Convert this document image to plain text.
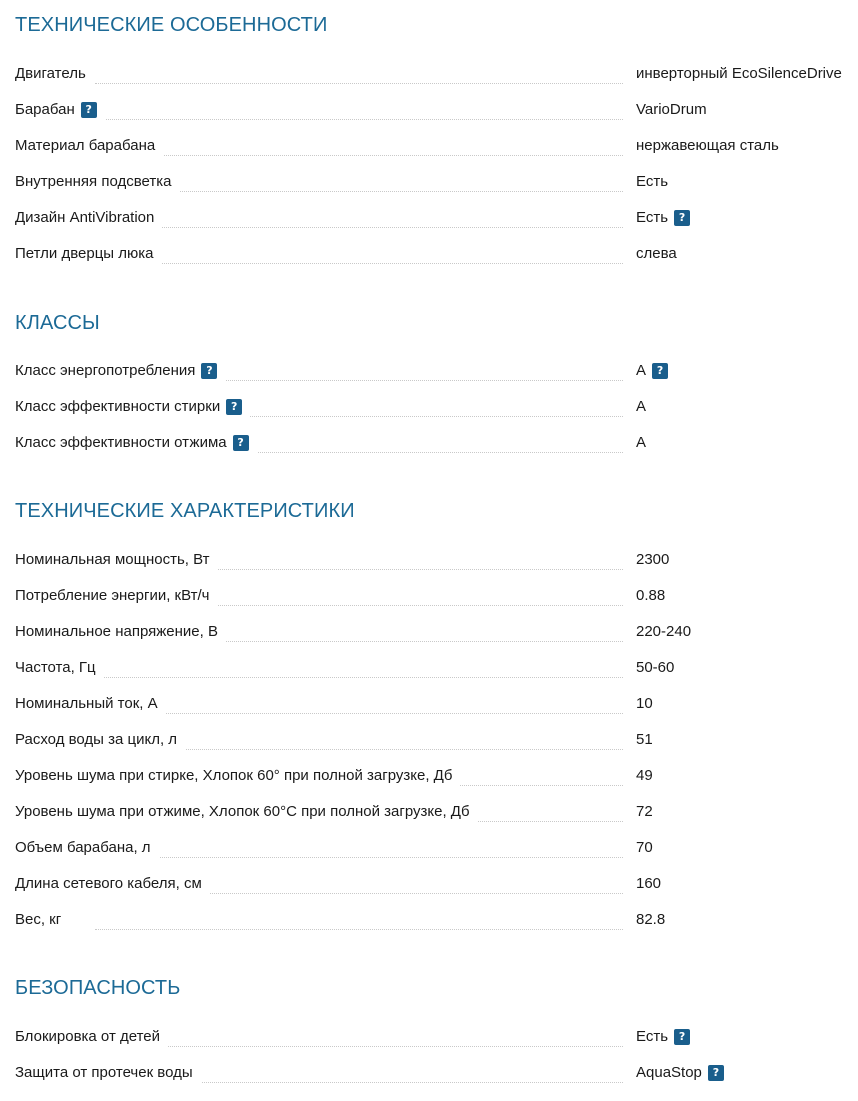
ТЕХНИЧЕСКИЕ ОСОБЕННОСТИ
Двигатель	инверторный EcoSilenceDrive
Барабан ?	VarioDrum
Материал барабана	нержавеющая сталь
Внутренняя подсветка	Есть
Дизайн AntiVibration	Есть ?
Петли дверцы люка	слева
КЛАССЫ
Класс энергопотребления ?	A ?
Класс эффективности стирки ?	A
Класс эффективности отжима ?	A
ТЕХНИЧЕСКИЕ ХАРАКТЕРИСТИКИ
Номинальная мощность, Вт	2300
Потребление энергии, кВт/ч	0.88
Номинальное напряжение, В	220-240
Частота, Гц	50-60
Номинальный ток, А	10
Расход воды за цикл, л	51
Уровень шума при стирке, Хлопок 60° при полной загрузке, Дб	49
Уровень шума при отжиме, Хлопок 60°C при полной загрузке, Дб	72
Объем барабана, л	70
Длина сетевого кабеля, см	160
Вес, кг	82.8
БЕЗОПАСНОСТЬ
Блокировка от детей	Есть ?
Защита от протечек воды	AquaStop ?
